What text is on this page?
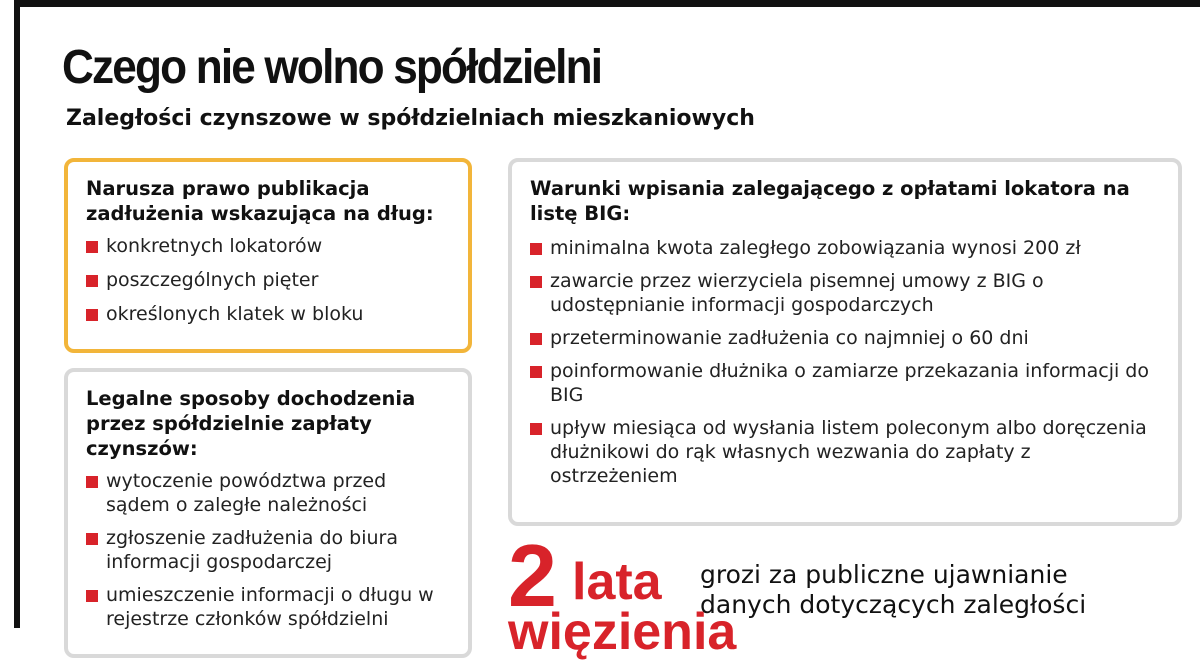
Czego nie wolno spółdzielni
Zaległości czynszowe w spółdzielniach mieszkaniowych

Narusza prawo publikacja zadłużenia wskazująca na dług:

konkretnych lokatorów
poszczególnych pięter
określonych klatek w bloku

Legalne sposoby dochodzenia przez spółdzielnie zapłaty czynszów:

wytoczenie powództwa przed sądem o zaległe należności
zgłoszenie zadłużenia do biura informacji gospodarczej
umieszczenie informacji o długu w rejestrze członków spółdzielni

Warunki wpisania zalegającego z opłatami lokatora na listę BIG:

minimalna kwota zaległego zobowiązania wynosi 200 zł
zawarcie przez wierzyciela pisemnej umowy z BIG o udostępnianie informacji gospodarczych
przeterminowanie zadłużenia co najmniej o 60 dni
poinformowanie dłużnika o zamiarze przekazania informacji do BIG
upływ miesiąca od wysłania listem poleconym albo doręczenia dłużnikowi do rąk własnych wezwania do zapłaty z ostrzeżeniem
2 lata
więzienia

grozi za publiczne ujawnianie danych dotyczących zaległości
